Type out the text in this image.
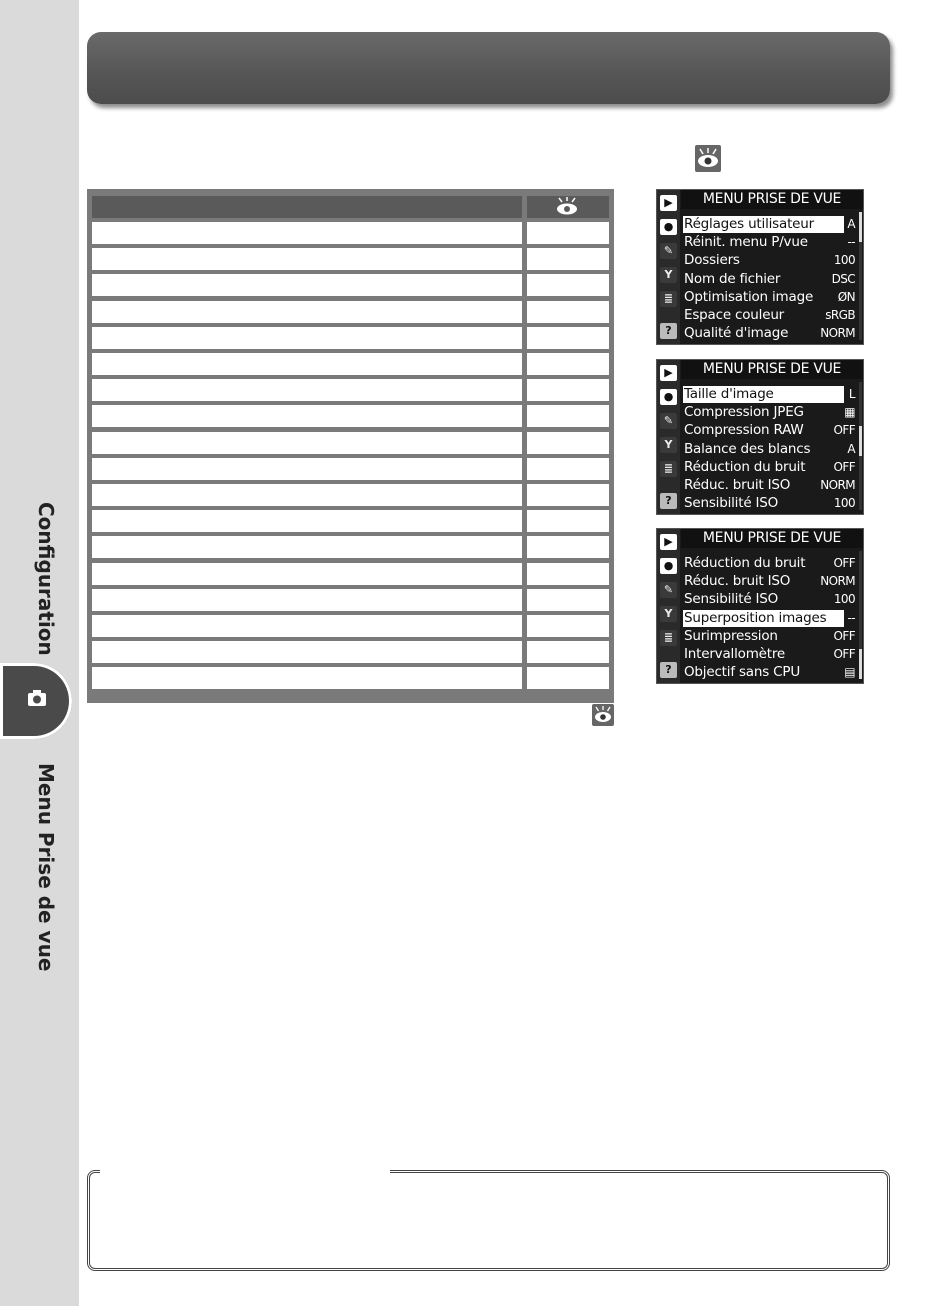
Configuration
Menu Prise de vue
▶
●
✎
Y
≣
?
MENU PRISE DE VUE
Réglages utilisateur	A
Réinit. menu P/vue	--
Dossiers	100
Nom de fichier	DSC
Optimisation image ØN
Espace couleur	sRGB
Qualité d'image	NORM
▶
●
✎
Y
≣
?
MENU PRISE DE VUE
Taille d'image	L
Compression JPEG	▦
Compression RAW OFF
Balance des blancs	A
Réduction du bruit OFF
Réduc. bruit ISO	NORM
Sensibilité ISO	100
▶
●
✎
Y
≣
?
MENU PRISE DE VUE
Réduction du bruit OFF
Réduc. bruit ISO	NORM
Sensibilité ISO	100
Superposition images	--
Surimpression	OFF
Intervallomètre	OFF
Objectif sans CPU	▤
